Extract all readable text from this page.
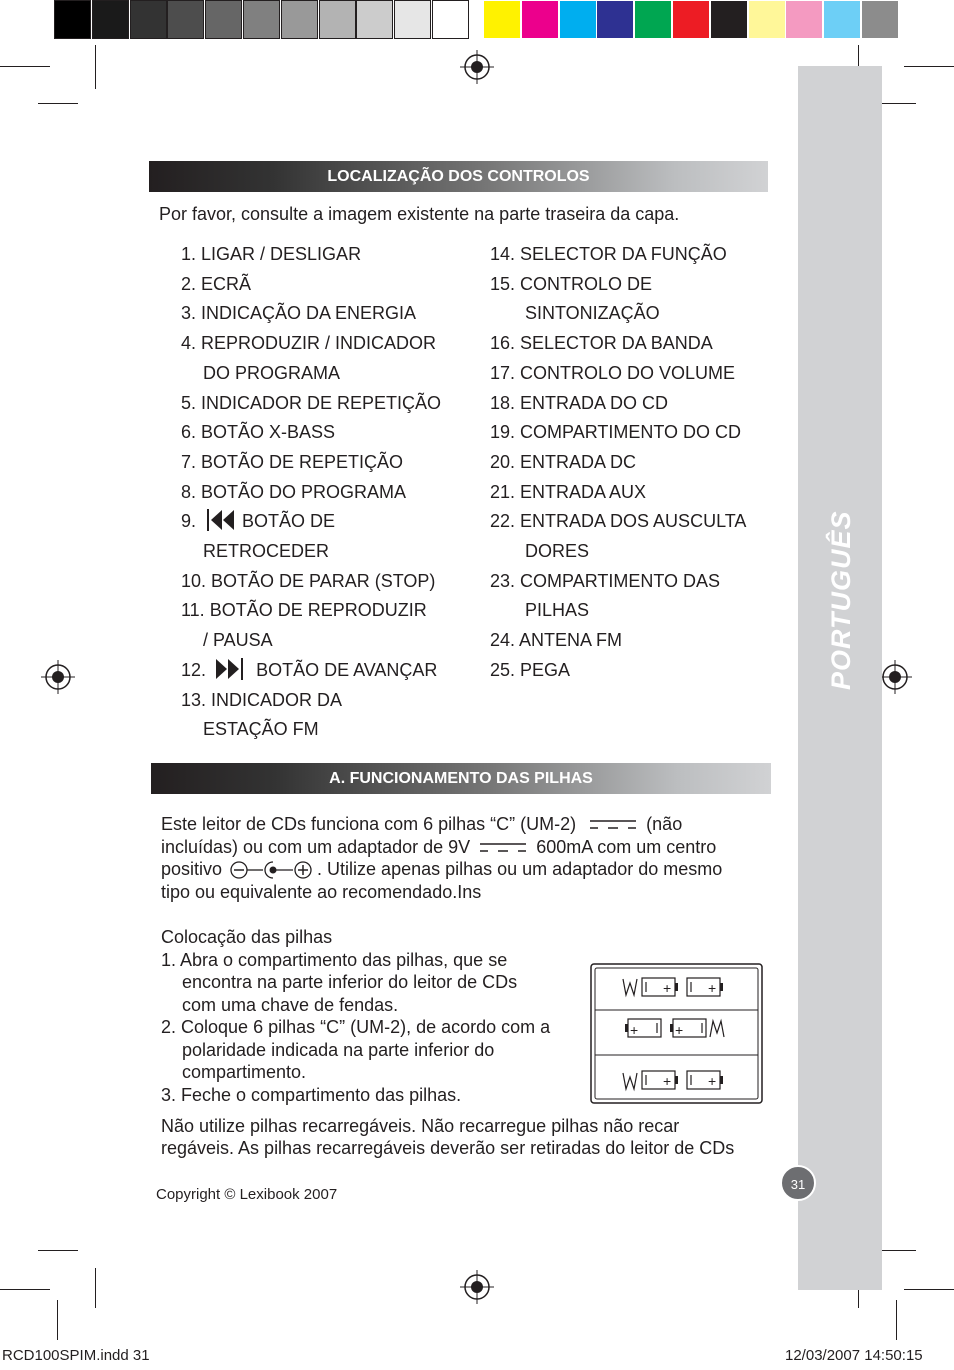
PORTUGUÊS
31
LOCALIZAÇÃO DOS CONTROLOS
Por favor, consulte a imagem existente na parte traseira da capa.
1. LIGAR / DESLIGAR
2. ECRÃ
3. INDICAÇÃO DA ENERGIA
4. REPRODUZIR / INDICADOR
DO PROGRAMA
5. INDICADOR DE REPETIÇÃO
6. BOTÃO X-BASS
7. BOTÃO DE REPETIÇÃO
8. BOTÃO DO PROGRAMA
9.	BOTÃO DE
RETROCEDER
10. BOTÃO DE PARAR (STOP)
11. BOTÃO DE REPRODUZIR
/ PAUSA
12.	BOTÃO DE AVANÇAR
13. INDICADOR DA
ESTAÇÃO FM
14. SELECTOR DA FUNÇÃO
15. CONTROLO DE
SINTONIZAÇÃO
16. SELECTOR DA BANDA
17. CONTROLO DO VOLUME
18. ENTRADA DO CD
19. COMPARTIMENTO DO CD
20. ENTRADA DC
21. ENTRADA AUX
22. ENTRADA DOS AUSCULTA
DORES
23. COMPARTIMENTO DAS
PILHAS
24. ANTENA FM
25. PEGA
A. FUNCIONAMENTO DAS PILHAS
Este leitor de CDs funciona com 6 pilhas “C” (UM-2)	(não
incluídas) ou com um adaptador de 9V	600mA com um centro
positivo	. Utilize apenas pilhas ou um adaptador do mesmo
tipo ou equivalente ao recomendado.Ins
Colocação das pilhas
1. Abra o compartimento das pilhas, que se
encontra na parte inferior do leitor de CDs
com uma chave de fendas.
2. Coloque 6 pilhas “C” (UM-2), de acordo com a
polaridade indicada na parte inferior do
compartimento.
3. Feche o compartimento das pilhas.
+	+
+	+
+	+
Não utilize pilhas recarregáveis. Não recarregue pilhas não recar
regáveis. As pilhas recarregáveis deverão ser retiradas do leitor de CDs
Copyright © Lexibook 2007
RCD100SPIM.indd 31	12/03/2007 14:50:15
